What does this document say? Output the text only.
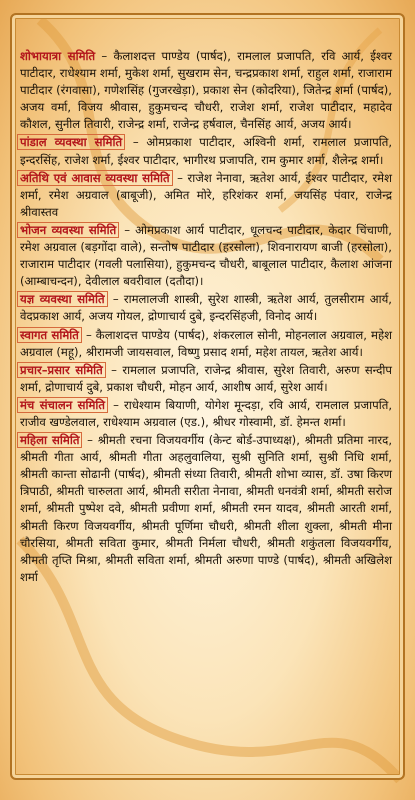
शोभायात्रा समिति – कैलाशदत्त पाण्डेय (पार्षद), रामलाल प्रजापति, रवि आर्य, ईश्वर पाटीदार, राधेश्याम शर्मा, मुकेश शर्मा, सुखराम सेन, चन्द्रप्रकाश शर्मा, राहुल शर्मा, राजाराम पाटीदार (रंगवासा), गणेशसिंह (गुजरखेड़ा), प्रकाश सेन (कोदरिया), जितेन्द्र शर्मा (पार्षद), अजय वर्मा, विजय श्रीवास, हुकुमचन्द चौधरी, राजेश शर्मा, राजेश पाटीदार, महादेव कौशल, सुनील तिवारी, राजेन्द्र शर्मा, राजेन्द्र हर्षवाल, चैनसिंह आर्य, अजय आर्य।

पांडाल व्यवस्था समिति – ओमप्रकाश पाटीदार, अश्विनी शर्मा, रामलाल प्रजापति, इन्दरसिंह, राजेश शर्मा, ईश्वर पाटीदार, भागीरथ प्रजापति, राम कुमार शर्मा, शैलेन्द्र शर्मा।

अतिथि एवं आवास व्यवस्था समिति – राजेश नेनावा, ऋतेश आर्य, ईश्वर पाटीदार, रमेश शर्मा, रमेश अग्रवाल (बाबूजी), अमित मोरे, हरिशंकर शर्मा, जयसिंह पंवार, राजेन्द्र श्रीवास्तव

भोजन व्यवस्था समिति – ओमप्रकाश आर्य पाटीदार, धूलचन्द पाटीदार, केदार चिंचाणी, रमेश अग्रवाल (बड़गोंदा वाले), सन्तोष पाटीदार (हरसोला), शिवनारायण बाजी (हरसोला), राजाराम पाटीदार (गवली पलासिया), हुकुमचन्द चौधरी, बाबूलाल पाटीदार, कैलाश आंजना (आम्बाचन्दन), देवीलाल बवरीवाल (दतौदा)।

यज्ञ व्यवस्था समिति – रामलालजी शास्त्री, सुरेश शास्त्री, ऋतेश आर्य, तुलसीराम आर्य, वेदप्रकाश आर्य, अजय गोयल, द्रोणाचार्य दुबे, इन्दरसिंहजी, विनोद आर्य।

स्वागत समिति – कैलाशदत्त पाण्डेय (पार्षद), शंकरलाल सोनी, मोहनलाल अग्रवाल, महेश अग्रवाल (महू), श्रीरामजी जायसवाल, विष्णु प्रसाद शर्मा, महेश तायल, ऋतेश आर्य।

प्रचार–प्रसार समिति – रामलाल प्रजापति, राजेन्द्र श्रीवास, सुरेश तिवारी, अरुण सन्दीप शर्मा, द्रोणाचार्य दुबे, प्रकाश चौधरी, मोहन आर्य, आशीष आर्य, सुरेश आर्य।

मंच संचालन समिति – राधेश्याम बियाणी, योगेश मून्दड़ा, रवि आर्य, रामलाल प्रजापति, राजीव खण्डेलवाल, राधेश्याम अग्रवाल (एड.), श्रीधर गोस्वामी, डॉ. हेमन्त शर्मा।

महिला समिति – श्रीमती रचना विजयवर्गीय (केन्ट बोर्ड-उपाध्यक्ष), श्रीमती प्रतिमा नारद, श्रीमती गीता आर्य, श्रीमती गीता अहलुवालिया, सुश्री सुनिति शर्मा, सुश्री निधि शर्मा, श्रीमती कान्ता सोढानी (पार्षद), श्रीमती संध्या तिवारी, श्रीमती शोभा व्यास, डॉ. उषा किरण त्रिपाठी, श्रीमती चारुलता आर्य, श्रीमती सरीता नेनावा, श्रीमती धनवंत्री शर्मा, श्रीमती सरोज शर्मा, श्रीमती पुष्पेश दवे, श्रीमती प्रवीणा शर्मा, श्रीमती रमन यादव, श्रीमती आरती शर्मा, श्रीमती किरण विजयवर्गीय, श्रीमती पूर्णिमा चौधरी, श्रीमती शीला शुक्ला, श्रीमती मीना चौरसिया, श्रीमती सविता कुमार, श्रीमती निर्मला चौधरी, श्रीमती शकुंतला विजयवर्गीय, श्रीमती तृप्ति मिश्रा, श्रीमती सविता शर्मा, श्रीमती अरुणा पाण्डे (पार्षद), श्रीमती अखिलेश शर्मा
